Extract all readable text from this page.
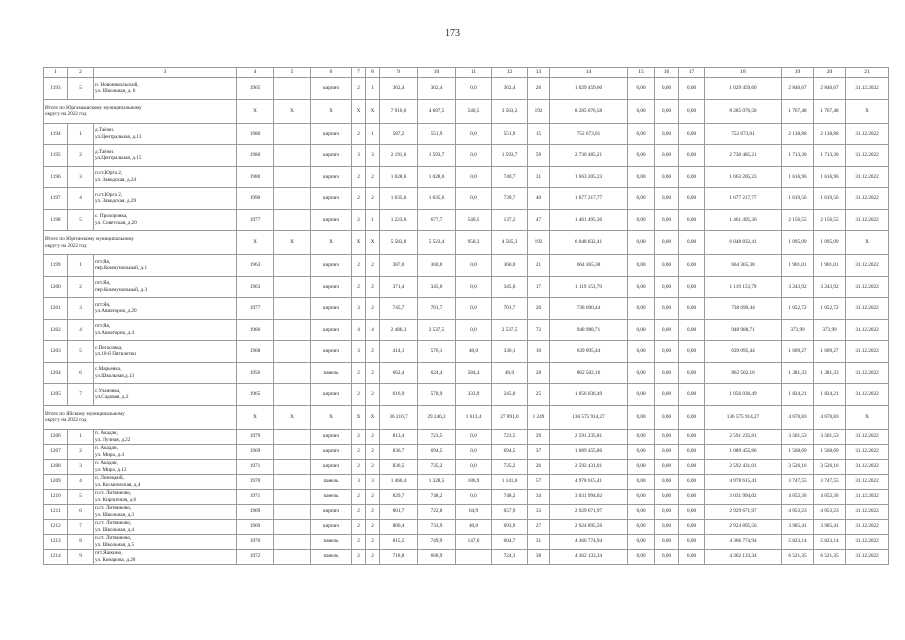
173
1	2	3	4	5	6	7	8	9	10	11	12	13	14	15	16	17	18	19	20	21
1193	5	п. Новоникольский,
ул. Школьная, д. 6	1965		кирпич	2	1	362,4	362,4	0,0	362,4	26	1 029 459,60	0,00	0,00	0,00	1 029 459,60	2 840,67	2 840,67	31.12.2022
Итого по Юргамышскому муниципальному
округу на 2022 год			X	X	X	X	X	7 916,6	4 687,5	540,5	3 563,2	192	8 285 076,58	0,00	0,00	0,00	8 285 076,58	1 767,48	1 767,48	X
1194	1	д.Таёжн.
ул.Центральная, д.13	1980		кирпич	2	1	587,2	551,9	0,0	551,9	15	752 673,01	0,00	0,00	0,00	752 673,01	2 138,88	2 138,88	31.12.2022
1195	2	д.Таёжн.
ул.Центральная, д.15	1980		кирпич	3	3	2 191,6	1 593,7	0,0	1 593,7	59	2 730 485,21	0,00	0,00	0,00	2 730 485,21	1 713,30	1 713,30	31.12.2022
1196	3	п.ст.Юрга 2,
ул. Заводская, д.24	1980		кирпич	2	2	1 028,6	1 028,6	0,0	740,7	31	1 663 205,23	0,00	0,00	0,00	1 663 205,23	1 616,96	1 616,96	31.12.2022
1197	4	п.ст.Юрга 2,
ул. Заводская, д.29	1990		кирпич	2	2	1 035,6	1 035,6	0,0	739,7	40	1 677 217,77	0,00	0,00	0,00	1 677 217,77	1 619,56	1 619,56	31.12.2022
1198	5	с. Прохоровка,
ул. Советская, д.20	1977		кирпич	2	1	1 223,6	677,7	540,5	137,2	47	1 461 495,36	0,00	0,00	0,00	1 461 495,36	2 156,55	2 156,55	31.12.2022
Итого по Юргинскому муниципальному
округу на 2022 год			X	X	X	X	X	5 583,8	5 523,4	958,3	4 565,3	193	6 048 832,41	0,00	0,00	0,00	6 048 832,41	1 095,09	1 095,09	X
1199	1	пгт.Яя,
пер.Коммунальный, д.1	1963		кирпич	2	2	387,0	360,0	0,0	360,0	21	664 365,38	0,00	0,00	0,00	664 365,38	1 901,01	1 901,01	31.12.2022
1200	2	пгт.Яя,
пер.Коммунальный, д.3	1963		кирпич	2	2	371,4	345,0	0,0	345,0	17	1 119 153,79	0,00	0,00	0,00	1 119 153,79	3 243,92	3 243,92	31.12.2022
1201	3	пгт.Яя,
ул.Авиаторов, д.20	1977		кирпич	3	2	745,7	701,7	0,0	701,7	20	738 690,44	0,00	0,00	0,00	738 690,44	1 052,72	1 052,72	31.12.2022
1202	4	пгт.Яя,
ул.Авиаторов, д.4	1966		кирпич	4	4	2 486,3	2 537,5	0,0	2 537,5	72	948 988,71	0,00	0,00	0,00	948 988,71	373,99	373,99	31.12.2022
1203	5	с.Пегасовка,
ул.10-й Пятилетки	1968		кирпич	3	2	414,1	576,1	40,0	336,1	10	639 095,44	0,00	0,00	0,00	639 095,44	1 609,27	1 609,27	31.12.2022
1204	6	с.Марьевка,
ул.Школьная,д.13	1956		панель	2	2	662,4	624,4	584,4	40,0	28	862 502,16	0,00	0,00	0,00	862 502,16	1 381,33	1 381,33	31.12.2022
1205	7	с.Улановка,
ул.Садовая, д.2	1965		кирпич	2	2	616,9	578,9	333,9	245,0	25	1 056 036,49	0,00	0,00	0,00	1 056 036,49	1 824,21	1 824,21	31.12.2022
Итого по Яйскому муниципальному
округу на 2022 год			X	X	X	X	X	36 210,7	29 240,2	1 613,4	27 891,0	1 249	136 575 914,27	0,00	0,00	0,00	136 575 914,27	4 670,83	4 670,83	X
1206	1	п. Акадан,
ул. Лучная, д.22	1979		кирпич	2	2	813,4	723,5	0,0	723,5	29	2 591 235,81	0,00	0,00	0,00	2 591 235,81	3 581,53	3 581,53	31.12.2022
1207	2	п. Акадан,
ул. Мира, д.4	1969		кирпич	2	2	836,7	694,5	0,0	694,5	37	1 089 455,86	0,00	0,00	0,00	1 089 455,86	1 568,69	1 568,69	31.12.2022
1208	3	п. Акадан,
ул. Мира, д.12	1971		кирпич	2	2	836,5	735,2	0,0	735,2	26	2 592 431,01	0,00	0,00	0,00	2 592 431,01	3 526,16	3 526,16	31.12.2022
1209	4	п. Липецкий,
ул. Космическая, д.4	1970		панель	3	3	1 466,4	1 328,5	186,9	1 141,6	57	4 978 615,41	0,00	0,00	0,00	4 978 615,41	3 747,55	3 747,55	31.12.2022
1210	5	п.ст. Литвиново,
ул. Кирпичная, д.6	1971		панель	2	2	829,7	748,2	0,0	748,2	34	3 031 994,02	0,00	0,00	0,00	3 031 994,02	4 052,36	4 052,36	31.12.2022
1211	6	п.ст. Литвиново,
ул. Школьная, д.3	1969		кирпич	2	2	801,7	722,8	64,9	657,9	33	2 929 671,97	0,00	0,00	0,00	2 929 671,97	4 053,23	4 053,23	31.12.2022
1212	7	п.ст. Литвиново,
ул. Школьная, д.4	1969		кирпич	2	2	800,4	733,9	40,0	693,9	27	2 924 895,56	0,00	0,00	0,00	2 924 895,56	3 985,41	3 985,41	31.12.2022
1213	8	п.ст. Литвиново,
ул. Школьная, д.5	1970		панель	2	2	815,5	749,9	147,6	604,7	31	4 366 774,94	0,00	0,00	0,00	4 366 774,94	5 823,14	5 823,14	31.12.2022
1214	9	пгт.Яшкино,
ул. Комарова, д.20	1972		панель	2	2	718,8	668,9		724,3	38	4 362 133,34	0,00	0,00	0,00	4 362 133,34	6 521,35	6 521,35	31.12.2022
